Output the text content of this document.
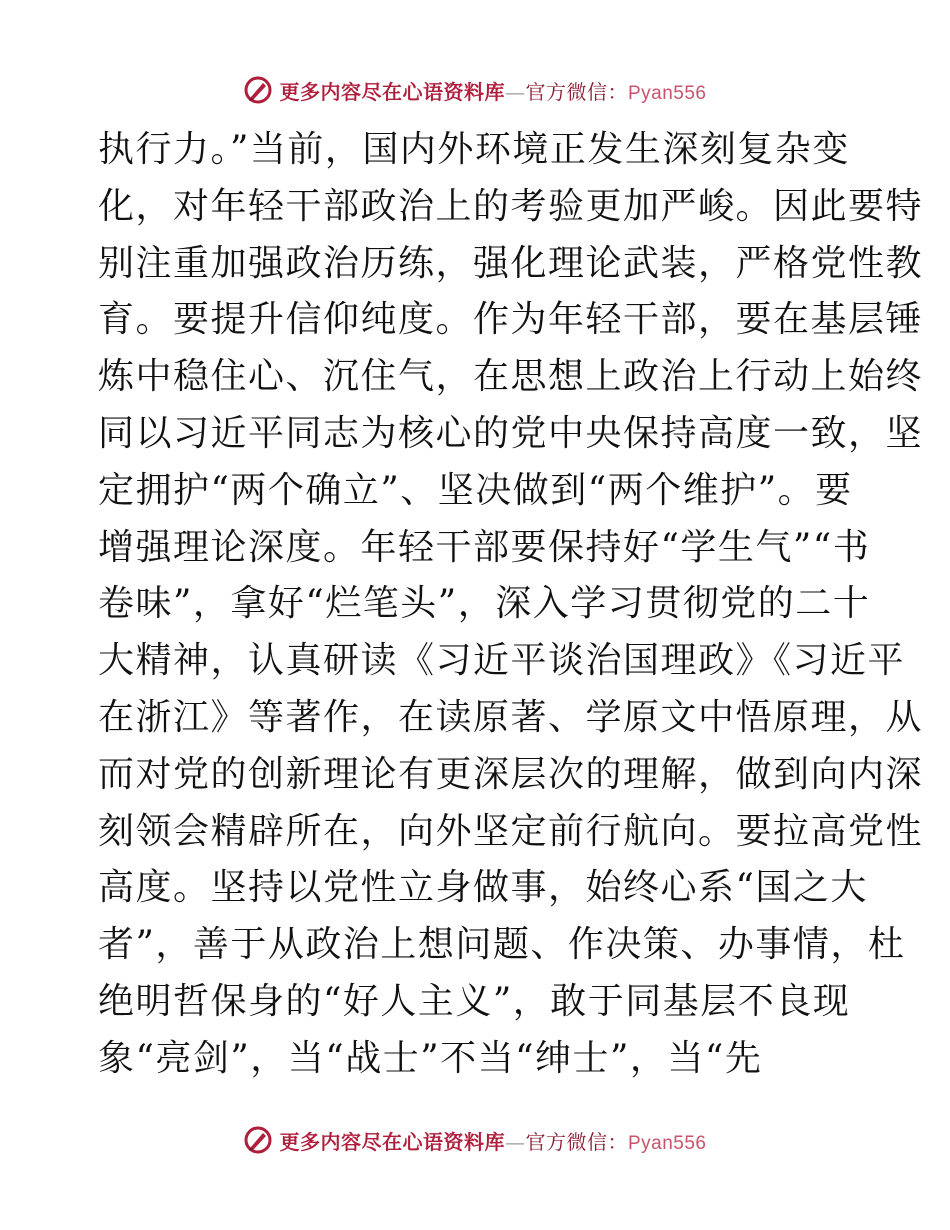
更多内容尽在心语资料库—官方微信：Pyan556
执行力。”当前，国内外环境正发生深刻复杂变
化，对年轻干部政治上的考验更加严峻。因此要特
别注重加强政治历练，强化理论武装，严格党性教
育。要提升信仰纯度。作为年轻干部，要在基层锤
炼中稳住心、沉住气，在思想上政治上行动上始终
同以习近平同志为核心的党中央保持高度一致，坚
定拥护“两个确立”、坚决做到“两个维护”。要
增强理论深度。年轻干部要保持好“学生气”“书
卷味”，拿好“烂笔头”，深入学习贯彻党的二十
大精神，认真研读《习近平谈治国理政》《习近平
在浙江》等著作，在读原著、学原文中悟原理，从
而对党的创新理论有更深层次的理解，做到向内深
刻领会精辟所在，向外坚定前行航向。要拉高党性
高度。坚持以党性立身做事，始终心系“国之大
者”，善于从政治上想问题、作决策、办事情，杜
绝明哲保身的“好人主义”，敢于同基层不良现
象“亮剑”，当“战士”不当“绅士”，当“先
更多内容尽在心语资料库—官方微信：Pyan556
